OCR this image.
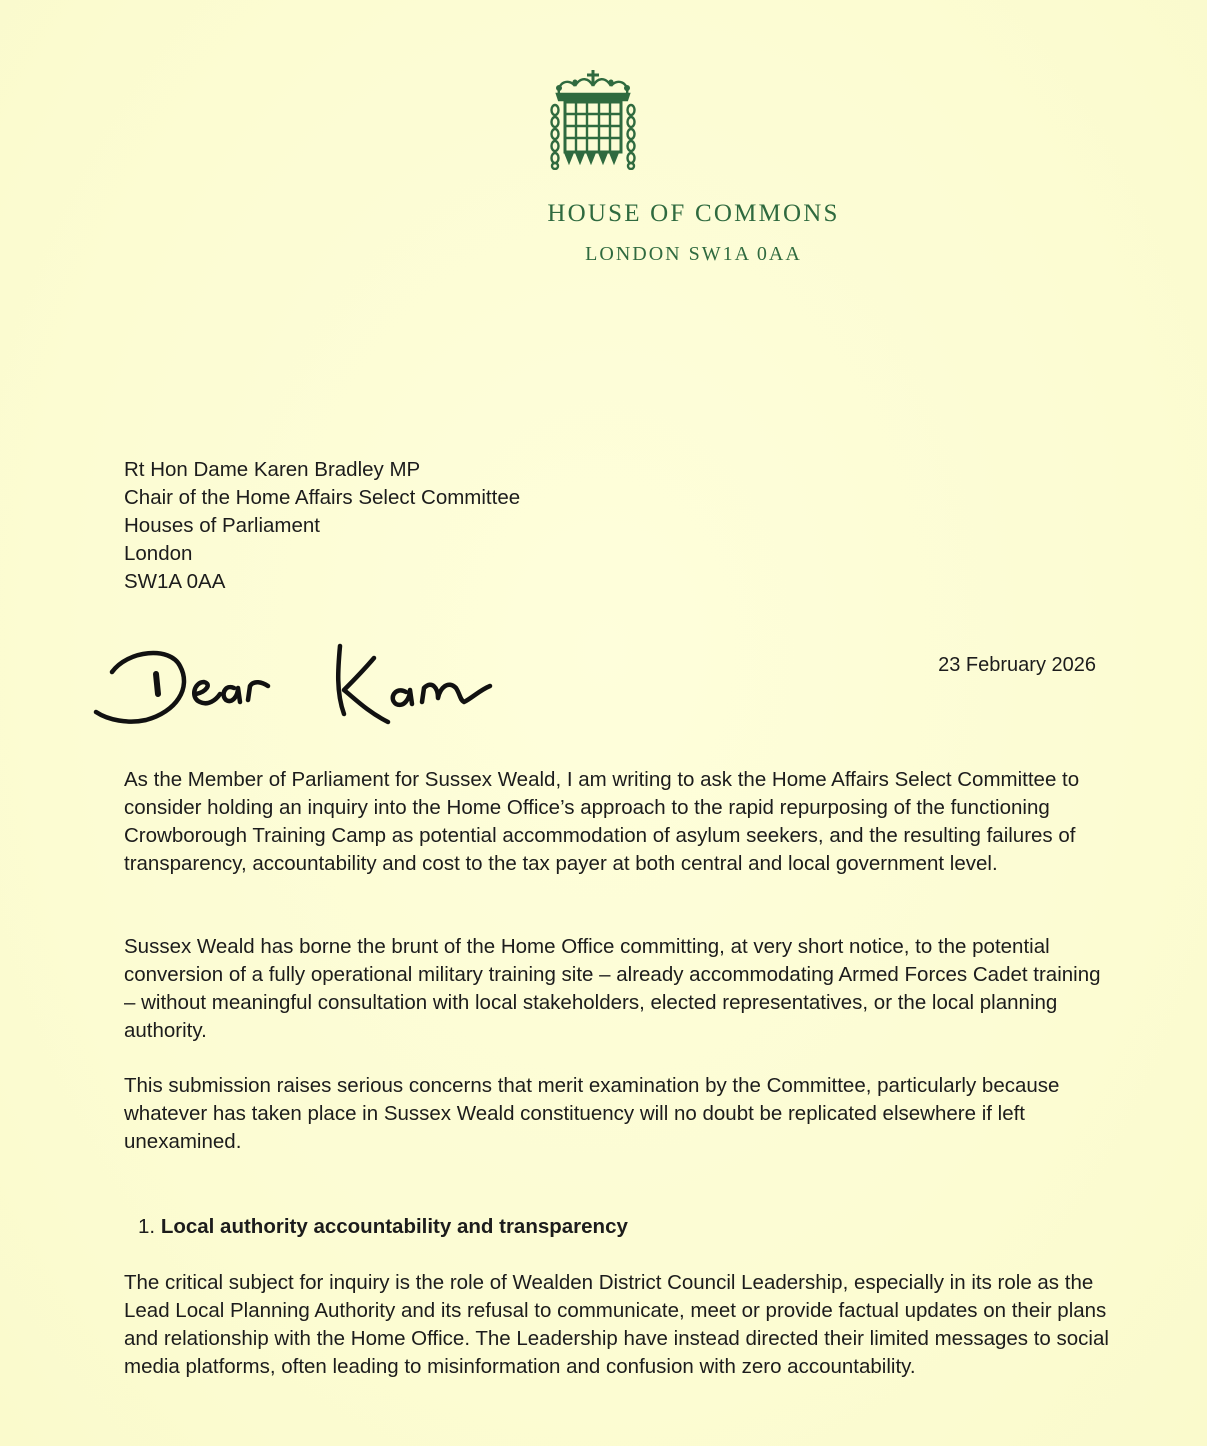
HOUSE OF COMMONS
LONDON SW1A 0AA
Rt Hon Dame Karen Bradley MP
Chair of the Home Affairs Select Committee
Houses of Parliament
London
SW1A 0AA
23 February 2026
As the Member of Parliament for Sussex Weald, I am writing to ask the Home Affairs Select Committee to consider holding an inquiry into the Home Office’s approach to the rapid repurposing of the functioning Crowborough Training Camp as potential accommodation of asylum seekers, and the resulting failures of transparency, accountability and cost to the tax payer at both central and local government level.
Sussex Weald has borne the brunt of the Home Office committing, at very short notice, to the potential conversion of a fully operational military training site – already accommodating Armed Forces Cadet training – without meaningful consultation with local stakeholders, elected representatives, or the local planning authority.
This submission raises serious concerns that merit examination by the Committee, particularly because whatever has taken place in Sussex Weald constituency will no doubt be replicated elsewhere if left unexamined.
1. Local authority accountability and transparency
The critical subject for inquiry is the role of Wealden District Council Leadership, especially in its role as the Lead Local Planning Authority and its refusal to communicate, meet or provide factual updates on their plans and relationship with the Home Office. The Leadership have instead directed their limited messages to social media platforms, often leading to misinformation and confusion with zero accountability.
